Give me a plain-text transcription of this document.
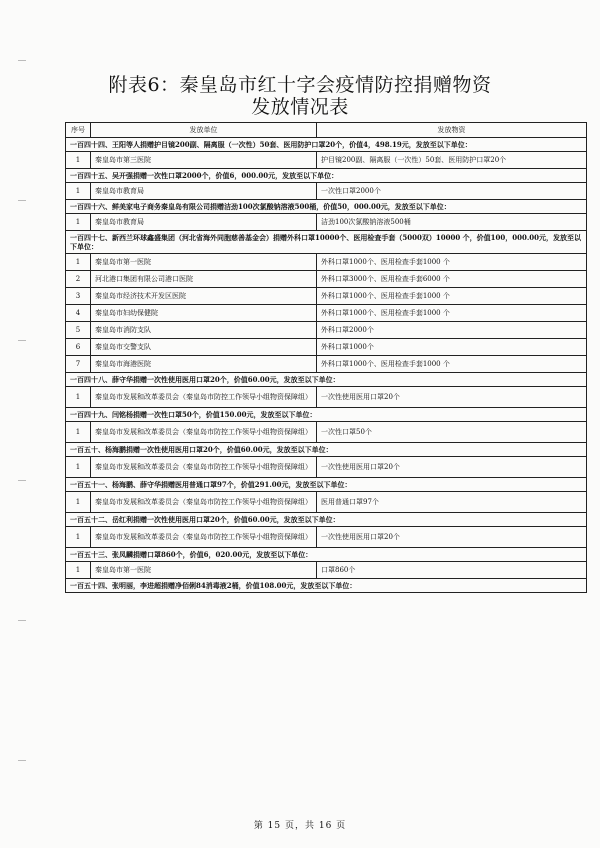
附表6：秦皇岛市红十字会疫情防控捐赠物资
发放情况表
序号	发放单位	发放物资
一百四十四、王阳等人捐赠护目镜200副、隔离服（一次性）50套、医用防护口罩20个，价值4，498.19元，发放至以下单位：		
1	秦皇岛市第三医院	护目镜200副、隔离服（一次性）50套、医用防护口罩20个
一百四十五、吴开强捐赠一次性口罩2000个，价值6，000.00元，发放至以下单位：		
1	秦皇岛市教育局	一次性口罩2000个
一百四十六、鲜美家电子商务秦皇岛有限公司捐赠洁劲100次氯酸钠溶液500桶，价值50，000.00元，发放至以下单位：		
1	秦皇岛市教育局	洁劲100次氯酸钠溶液500桶
一百四十七、新西兰环球鑫盛集团（河北省海外同胞慈善基金会）捐赠外科口罩10000个、医用检查手套（5000双）10000 个，价值100，000.00元，发放至以下单位：		
1	秦皇岛市第一医院	外科口罩1000个、医用检查手套1000 个
2	河北港口集团有限公司港口医院	外科口罩3000个、医用检查手套6000 个
3	秦皇岛市经济技术开发区医院	外科口罩1000个、医用检查手套1000 个
4	秦皇岛市妇幼保健院	外科口罩1000个、医用检查手套1000 个
5	秦皇岛市消防支队	外科口罩2000个
6	秦皇岛市交警支队	外科口罩1000个
7	秦皇岛市海港医院	外科口罩1000个、医用检查手套1000 个
一百四十八、薛守华捐赠一次性使用医用口罩20个，价值60.00元，发放至以下单位：		
1	秦皇岛市发展和改革委员会（秦皇岛市防控工作领导小组物资保障组）	一次性使用医用口罩20个
一百四十九、闫铭杨捐赠一次性口罩50个，价值150.00元，发放至以下单位：		
1	秦皇岛市发展和改革委员会（秦皇岛市防控工作领导小组物资保障组）	一次性口罩50个
一百五十、杨海鹏捐赠一次性使用医用口罩20个，价值60.00元，发放至以下单位：		
1	秦皇岛市发展和改革委员会（秦皇岛市防控工作领导小组物资保障组）	一次性使用医用口罩20个
一百五十一、杨海鹏、薛守华捐赠医用普通口罩97个，价值291.00元，发放至以下单位：		
1	秦皇岛市发展和改革委员会（秦皇岛市防控工作领导小组物资保障组）	医用普通口罩97个
一百五十二、岳红利捐赠一次性使用医用口罩20个，价值60.00元，发放至以下单位：		
1	秦皇岛市发展和改革委员会（秦皇岛市防控工作领导小组物资保障组）	一次性使用医用口罩20个
一百五十三、张凤麟捐赠口罩860个，价值6，020.00元，发放至以下单位：		
1	秦皇岛市第一医院	口罩860个
一百五十四、张明丽，李进超捐赠净佰俐84消毒液2桶，价值108.00元，发放至以下单位：		
第 15 页，共 16 页
